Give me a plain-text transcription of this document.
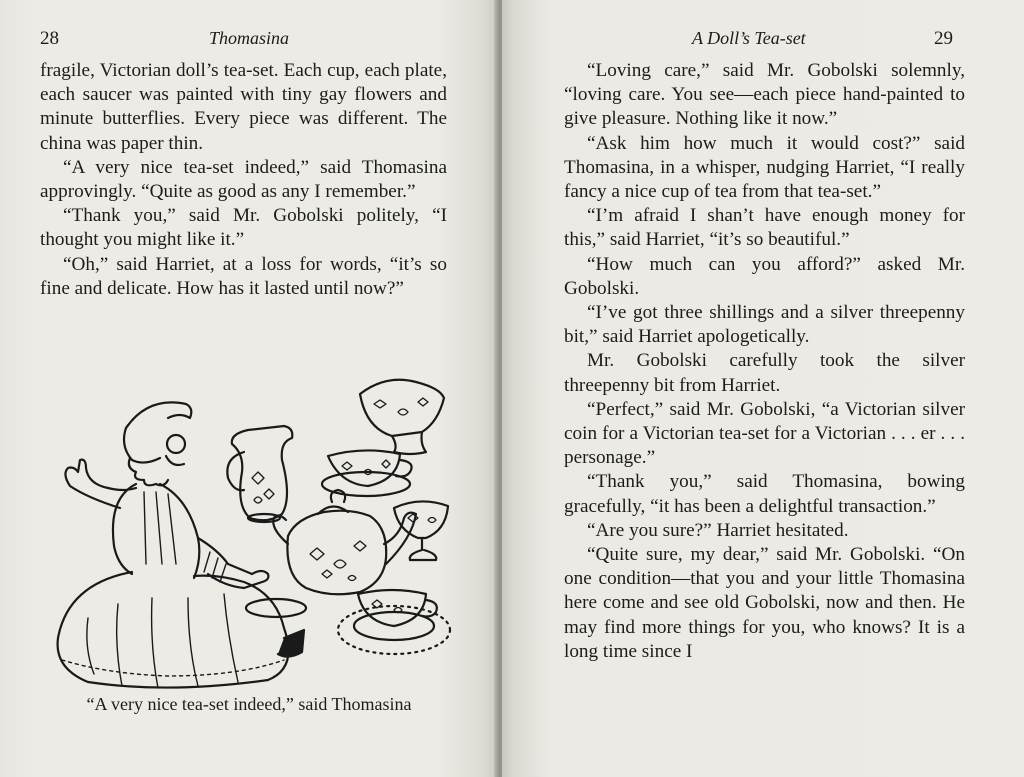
28	Thomasina

fragile, Victorian doll’s tea-set. Each cup, each plate, each saucer was painted with tiny gay flowers and minute butterflies. Every piece was different. The china was paper thin.

“A very nice tea-set indeed,” said Thomasina approvingly. “Quite as good as any I remember.”

“Thank you,” said Mr. Gobolski politely, “I thought you might like it.”

“Oh,” said Harriet, at a loss for words, “it’s so fine and delicate. How has it lasted until now?”

“A very nice tea-set indeed,” said Thomasina
A Doll’s Tea-set	29

“Loving care,” said Mr. Gobolski solemnly, “loving care. You see—each piece hand-painted to give pleasure. Nothing like it now.”

“Ask him how much it would cost?” said Thomasina, in a whisper, nudging Harriet, “I really fancy a nice cup of tea from that tea-set.”

“I’m afraid I shan’t have enough money for this,” said Harriet, “it’s so beautiful.”

“How much can you afford?” asked Mr. Gobolski.

“I’ve got three shillings and a silver threepenny bit,” said Harriet apologetically.

Mr. Gobolski carefully took the silver threepenny bit from Harriet.

“Perfect,” said Mr. Gobolski, “a Victorian silver coin for a Victorian tea-set for a Victorian . . . er . . . personage.”

“Thank you,” said Thomasina, bowing gracefully, “it has been a delightful transaction.”

“Are you sure?” Harriet hesitated.

“Quite sure, my dear,” said Mr. Gobolski. “On one condition—that you and your little Thomasina here come and see old Gobolski, now and then. He may find more things for you, who knows? It is a long time since I
